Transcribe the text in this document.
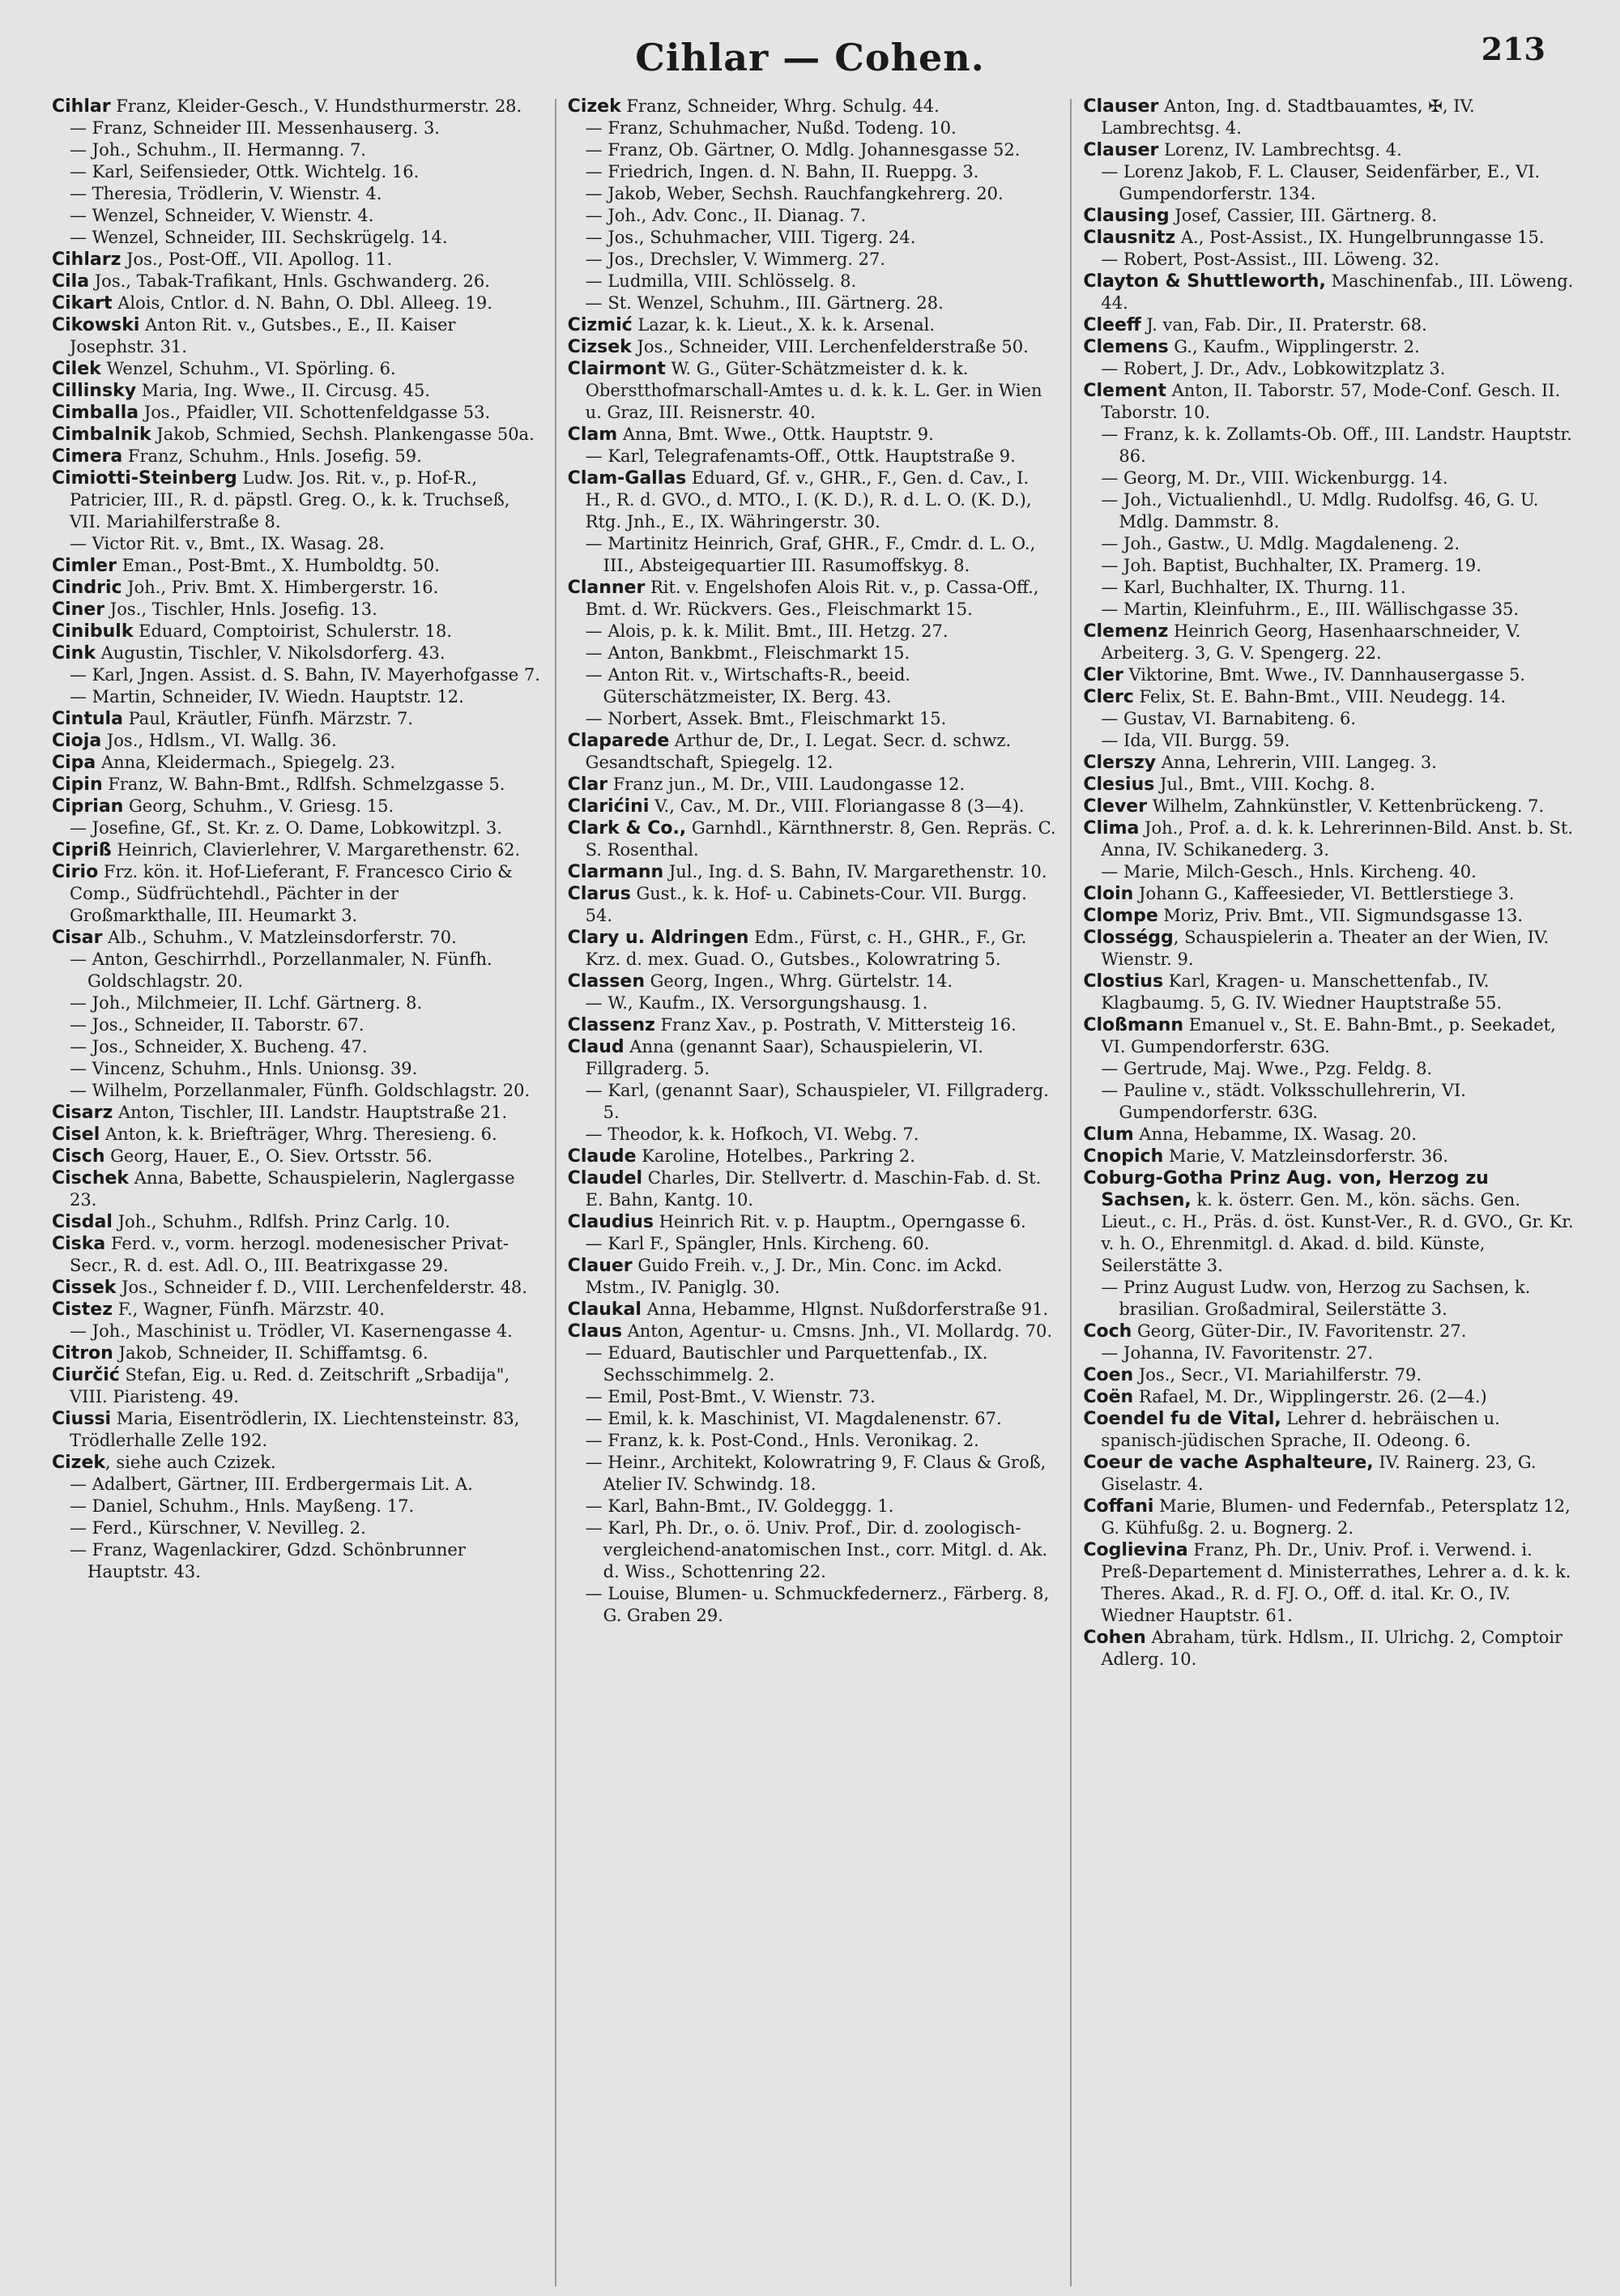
Cihlar — Cohen.	213
Cihlar Franz, Kleider-Gesch., V. Hundsthurmerstr. 28.
— Franz, Schneider III. Messenhauserg. 3.
— Joh., Schuhm., II. Hermanng. 7.
— Karl, Seifensieder, Ottk. Wichtelg. 16.
— Theresia, Trödlerin, V. Wienstr. 4.
— Wenzel, Schneider, V. Wienstr. 4.
— Wenzel, Schneider, III. Sechskrügelg. 14.
Cihlarz Jos., Post-Off., VII. Apollog. 11.
Cila Jos., Tabak-Trafikant, Hnls. Gschwanderg. 26.
Cikart Alois, Cntlor. d. N. Bahn, O. Dbl. Alleeg. 19.
Cikowski Anton Rit. v., Gutsbes., E., II. Kaiser Josephstr. 31.
Cilek Wenzel, Schuhm., VI. Spörling. 6.
Cillinsky Maria, Ing. Wwe., II. Circusg. 45.
Cimballa Jos., Pfaidler, VII. Schottenfeldgasse 53.
Cimbalnik Jakob, Schmied, Sechsh. Plankengasse 50a.
Cimera Franz, Schuhm., Hnls. Josefig. 59.
Cimiotti-Steinberg Ludw. Jos. Rit. v., p. Hof-R., Patricier, III., R. d. päpstl. Greg. O., k. k. Truchseß, VII. Mariahilferstraße 8.
— Victor Rit. v., Bmt., IX. Wasag. 28.
Cimler Eman., Post-Bmt., X. Humboldtg. 50.
Cindric Joh., Priv. Bmt. X. Himbergerstr. 16.
Ciner Jos., Tischler, Hnls. Josefig. 13.
Cinibulk Eduard, Comptoirist, Schulerstr. 18.
Cink Augustin, Tischler, V. Nikolsdorferg. 43.
— Karl, Jngen. Assist. d. S. Bahn, IV. Mayerhofgasse 7.
— Martin, Schneider, IV. Wiedn. Hauptstr. 12.
Cintula Paul, Kräutler, Fünfh. Märzstr. 7.
Cioja Jos., Hdlsm., VI. Wallg. 36.
Cipa Anna, Kleidermach., Spiegelg. 23.
Cipin Franz, W. Bahn-Bmt., Rdlfsh. Schmelzgasse 5.
Ciprian Georg, Schuhm., V. Griesg. 15.
— Josefine, Gf., St. Kr. z. O. Dame, Lobkowitzpl. 3.
Cipriß Heinrich, Clavierlehrer, V. Margarethenstr. 62.
Cirio Frz. kön. it. Hof-Lieferant, F. Francesco Cirio & Comp., Südfrüchtehdl., Pächter in der Großmarkthalle, III. Heumarkt 3.
Cisar Alb., Schuhm., V. Matzleinsdorferstr. 70.
— Anton, Geschirrhdl., Porzellanmaler, N. Fünfh. Goldschlagstr. 20.
— Joh., Milchmeier, II. Lchf. Gärtnerg. 8.
— Jos., Schneider, II. Taborstr. 67.
— Jos., Schneider, X. Bucheng. 47.
— Vincenz, Schuhm., Hnls. Unionsg. 39.
— Wilhelm, Porzellanmaler, Fünfh. Goldschlagstr. 20.
Cisarz Anton, Tischler, III. Landstr. Hauptstraße 21.
Cisel Anton, k. k. Briefträger, Whrg. Theresieng. 6.
Cisch Georg, Hauer, E., O. Siev. Ortsstr. 56.
Cischek Anna, Babette, Schauspielerin, Naglergasse 23.
Cisdal Joh., Schuhm., Rdlfsh. Prinz Carlg. 10.
Ciska Ferd. v., vorm. herzogl. modenesischer Privat-Secr., R. d. est. Adl. O., III. Beatrixgasse 29.
Cissek Jos., Schneider f. D., VIII. Lerchenfelderstr. 48.
Cistez F., Wagner, Fünfh. Märzstr. 40.
— Joh., Maschinist u. Trödler, VI. Kasernengasse 4.
Citron Jakob, Schneider, II. Schiffamtsg. 6.
Ciurčić Stefan, Eig. u. Red. d. Zeitschrift „Srbadija", VIII. Piaristeng. 49.
Ciussi Maria, Eisentrödlerin, IX. Liechtensteinstr. 83, Trödlerhalle Zelle 192.
Cizek, siehe auch Czizek.
— Adalbert, Gärtner, III. Erdbergermais Lit. A.
— Daniel, Schuhm., Hnls. Mayßeng. 17.
— Ferd., Kürschner, V. Nevilleg. 2.
— Franz, Wagenlackirer, Gdzd. Schönbrunner Hauptstr. 43.
Cizek Franz, Schneider, Whrg. Schulg. 44.
— Franz, Schuhmacher, Nußd. Todeng. 10.
— Franz, Ob. Gärtner, O. Mdlg. Johannesgasse 52.
— Friedrich, Ingen. d. N. Bahn, II. Rueppg. 3.
— Jakob, Weber, Sechsh. Rauchfangkehrerg. 20.
— Joh., Adv. Conc., II. Dianag. 7.
— Jos., Schuhmacher, VIII. Tigerg. 24.
— Jos., Drechsler, V. Wimmerg. 27.
— Ludmilla, VIII. Schlösselg. 8.
— St. Wenzel, Schuhm., III. Gärtnerg. 28.
Cizmić Lazar, k. k. Lieut., X. k. k. Arsenal.
Cizsek Jos., Schneider, VIII. Lerchenfelderstraße 50.
Clairmont W. G., Güter-Schätzmeister d. k. k. Oberstthofmarschall-Amtes u. d. k. k. L. Ger. in Wien u. Graz, III. Reisnerstr. 40.
Clam Anna, Bmt. Wwe., Ottk. Hauptstr. 9.
— Karl, Telegrafenamts-Off., Ottk. Hauptstraße 9.
Clam-Gallas Eduard, Gf. v., GHR., F., Gen. d. Cav., I. H., R. d. GVO., d. MTO., I. (K. D.), R. d. L. O. (K. D.), Rtg. Jnh., E., IX. Währingerstr. 30.
— Martinitz Heinrich, Graf, GHR., F., Cmdr. d. L. O., III., Absteigequartier III. Rasumoffskyg. 8.
Clanner Rit. v. Engelshofen Alois Rit. v., p. Cassa-Off., Bmt. d. Wr. Rückvers. Ges., Fleischmarkt 15.
— Alois, p. k. k. Milit. Bmt., III. Hetzg. 27.
— Anton, Bankbmt., Fleischmarkt 15.
— Anton Rit. v., Wirtschafts-R., beeid. Güterschätzmeister, IX. Berg. 43.
— Norbert, Assek. Bmt., Fleischmarkt 15.
Claparede Arthur de, Dr., I. Legat. Secr. d. schwz. Gesandtschaft, Spiegelg. 12.
Clar Franz jun., M. Dr., VIII. Laudongasse 12.
Clarićini V., Cav., M. Dr., VIII. Floriangasse 8 (3—4).
Clark & Co., Garnhdl., Kärnthnerstr. 8, Gen. Repräs. C. S. Rosenthal.
Clarmann Jul., Ing. d. S. Bahn, IV. Margarethenstr. 10.
Clarus Gust., k. k. Hof- u. Cabinets-Cour. VII. Burgg. 54.
Clary u. Aldringen Edm., Fürst, c. H., GHR., F., Gr. Krz. d. mex. Guad. O., Gutsbes., Kolowratring 5.
Classen Georg, Ingen., Whrg. Gürtelstr. 14.
— W., Kaufm., IX. Versorgungshausg. 1.
Classenz Franz Xav., p. Postrath, V. Mittersteig 16.
Claud Anna (genannt Saar), Schauspielerin, VI. Fillgraderg. 5.
— Karl, (genannt Saar), Schauspieler, VI. Fillgraderg. 5.
— Theodor, k. k. Hofkoch, VI. Webg. 7.
Claude Karoline, Hotelbes., Parkring 2.
Claudel Charles, Dir. Stellvertr. d. Maschin-Fab. d. St. E. Bahn, Kantg. 10.
Claudius Heinrich Rit. v. p. Hauptm., Operngasse 6.
— Karl F., Spängler, Hnls. Kircheng. 60.
Clauer Guido Freih. v., J. Dr., Min. Conc. im Ackd. Mstm., IV. Paniglg. 30.
Claukal Anna, Hebamme, Hlgnst. Nußdorferstraße 91.
Claus Anton, Agentur- u. Cmsns. Jnh., VI. Mollardg. 70.
— Eduard, Bautischler und Parquettenfab., IX. Sechsschimmelg. 2.
— Emil, Post-Bmt., V. Wienstr. 73.
— Emil, k. k. Maschinist, VI. Magdalenenstr. 67.
— Franz, k. k. Post-Cond., Hnls. Veronikag. 2.
— Heinr., Architekt, Kolowratring 9, F. Claus & Groß, Atelier IV. Schwindg. 18.
— Karl, Bahn-Bmt., IV. Goldeggg. 1.
— Karl, Ph. Dr., o. ö. Univ. Prof., Dir. d. zoologisch-vergleichend-anatomischen Inst., corr. Mitgl. d. Ak. d. Wiss., Schottenring 22.
— Louise, Blumen- u. Schmuckfedernerz., Färberg. 8, G. Graben 29.
Clauser Anton, Ing. d. Stadtbauamtes, ✠, IV. Lambrechtsg. 4.
Clauser Lorenz, IV. Lambrechtsg. 4.
— Lorenz Jakob, F. L. Clauser, Seidenfärber, E., VI. Gumpendorferstr. 134.
Clausing Josef, Cassier, III. Gärtnerg. 8.
Clausnitz A., Post-Assist., IX. Hungelbrunngasse 15.
— Robert, Post-Assist., III. Löweng. 32.
Clayton & Shuttleworth, Maschinenfab., III. Löweng. 44.
Cleeff J. van, Fab. Dir., II. Praterstr. 68.
Clemens G., Kaufm., Wipplingerstr. 2.
— Robert, J. Dr., Adv., Lobkowitzplatz 3.
Clement Anton, II. Taborstr. 57, Mode-Conf. Gesch. II. Taborstr. 10.
— Franz, k. k. Zollamts-Ob. Off., III. Landstr. Hauptstr. 86.
— Georg, M. Dr., VIII. Wickenburgg. 14.
— Joh., Victualienhdl., U. Mdlg. Rudolfsg. 46, G. U. Mdlg. Dammstr. 8.
— Joh., Gastw., U. Mdlg. Magdaleneng. 2.
— Joh. Baptist, Buchhalter, IX. Pramerg. 19.
— Karl, Buchhalter, IX. Thurng. 11.
— Martin, Kleinfuhrm., E., III. Wällischgasse 35.
Clemenz Heinrich Georg, Hasenhaarschneider, V. Arbeiterg. 3, G. V. Spengerg. 22.
Cler Viktorine, Bmt. Wwe., IV. Dannhausergasse 5.
Clerc Felix, St. E. Bahn-Bmt., VIII. Neudegg. 14.
— Gustav, VI. Barnabiteng. 6.
— Ida, VII. Burgg. 59.
Clerszy Anna, Lehrerin, VIII. Langeg. 3.
Clesius Jul., Bmt., VIII. Kochg. 8.
Clever Wilhelm, Zahnkünstler, V. Kettenbrückeng. 7.
Clima Joh., Prof. a. d. k. k. Lehrerinnen-Bild. Anst. b. St. Anna, IV. Schikanederg. 3.
— Marie, Milch-Gesch., Hnls. Kircheng. 40.
Cloin Johann G., Kaffeesieder, VI. Bettlerstiege 3.
Clompe Moriz, Priv. Bmt., VII. Sigmundsgasse 13.
Closségg, Schauspielerin a. Theater an der Wien, IV. Wienstr. 9.
Clostius Karl, Kragen- u. Manschettenfab., IV. Klagbaumg. 5, G. IV. Wiedner Hauptstraße 55.
Cloßmann Emanuel v., St. E. Bahn-Bmt., p. Seekadet, VI. Gumpendorferstr. 63G.
— Gertrude, Maj. Wwe., Pzg. Feldg. 8.
— Pauline v., städt. Volksschullehrerin, VI. Gumpendorferstr. 63G.
Clum Anna, Hebamme, IX. Wasag. 20.
Cnopich Marie, V. Matzleinsdorferstr. 36.
Coburg-Gotha Prinz Aug. von, Herzog zu Sachsen, k. k. österr. Gen. M., kön. sächs. Gen. Lieut., c. H., Präs. d. öst. Kunst-Ver., R. d. GVO., Gr. Kr. v. h. O., Ehrenmitgl. d. Akad. d. bild. Künste, Seilerstätte 3.
— Prinz August Ludw. von, Herzog zu Sachsen, k. brasilian. Großadmiral, Seilerstätte 3.
Coch Georg, Güter-Dir., IV. Favoritenstr. 27.
— Johanna, IV. Favoritenstr. 27.
Coen Jos., Secr., VI. Mariahilferstr. 79.
Coën Rafael, M. Dr., Wipplingerstr. 26. (2—4.)
Coendel fu de Vital, Lehrer d. hebräischen u. spanisch-jüdischen Sprache, II. Odeong. 6.
Coeur de vache Asphalteure, IV. Rainerg. 23, G. Giselastr. 4.
Coffani Marie, Blumen- und Federnfab., Petersplatz 12, G. Kühfußg. 2. u. Bognerg. 2.
Coglievina Franz, Ph. Dr., Univ. Prof. i. Verwend. i. Preß-Departement d. Ministerrathes, Lehrer a. d. k. k. Theres. Akad., R. d. FJ. O., Off. d. ital. Kr. O., IV. Wiedner Hauptstr. 61.
Cohen Abraham, türk. Hdlsm., II. Ulrichg. 2, Comptoir Adlerg. 10.
